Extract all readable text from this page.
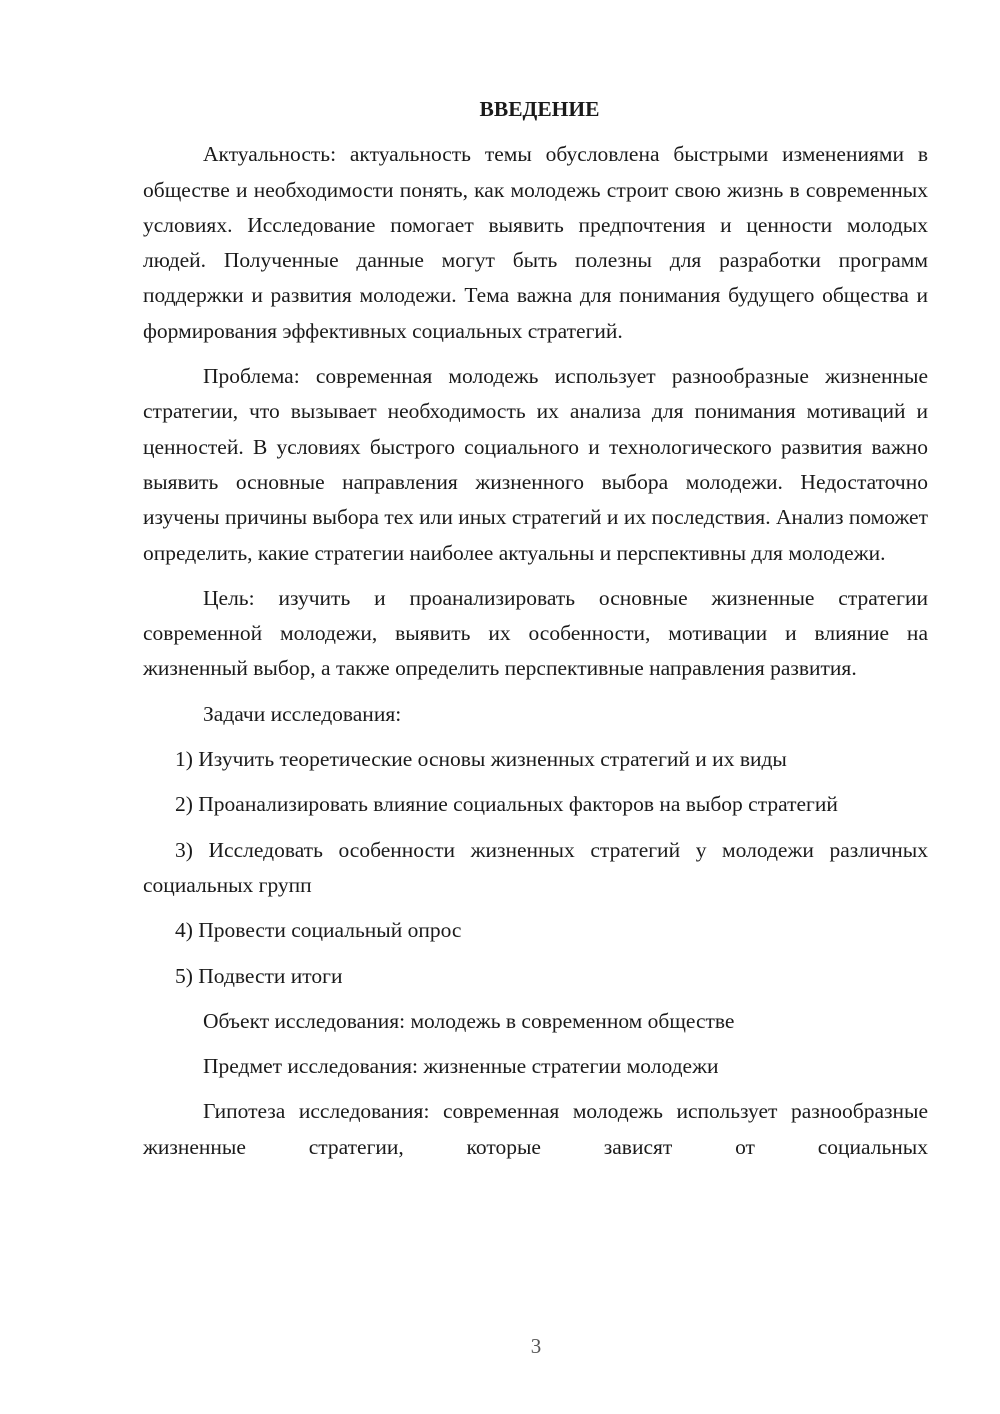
ВВЕДЕНИЕ

Актуальность: актуальность темы обусловлена быстрыми изменениями в обществе и необходимости понять, как молодежь строит свою жизнь в современных условиях. Исследование помогает выявить предпочтения и ценности молодых людей. Полученные данные могут быть полезны для разработки программ поддержки и развития молодежи. Тема важна для понимания будущего общества и формирования эффективных социальных стратегий.

Проблема: современная молодежь использует разнообразные жизненные стратегии, что вызывает необходимость их анализа для понимания мотиваций и ценностей. В условиях быстрого социального и технологического развития важно выявить основные направления жизненного выбора молодежи. Недостаточно изучены причины выбора тех или иных стратегий и их последствия. Анализ поможет определить, какие стратегии наиболее актуальны и перспективны для молодежи.

Цель: изучить и проанализировать основные жизненные стратегии современной молодежи, выявить их особенности, мотивации и влияние на жизненный выбор, а также определить перспективные направления развития.

Задачи исследования:

1) Изучить теоретические основы жизненных стратегий и их виды

2) Проанализировать влияние социальных факторов на выбор стратегий

3) Исследовать особенности жизненных стратегий у молодежи различных социальных групп

4) Провести социальный опрос

5) Подвести итоги

Объект исследования: молодежь в современном обществе

Предмет исследования: жизненные стратегии молодежи

Гипотеза исследования: современная молодежь использует разнообразные жизненные стратегии, которые зависят от социальных

3
